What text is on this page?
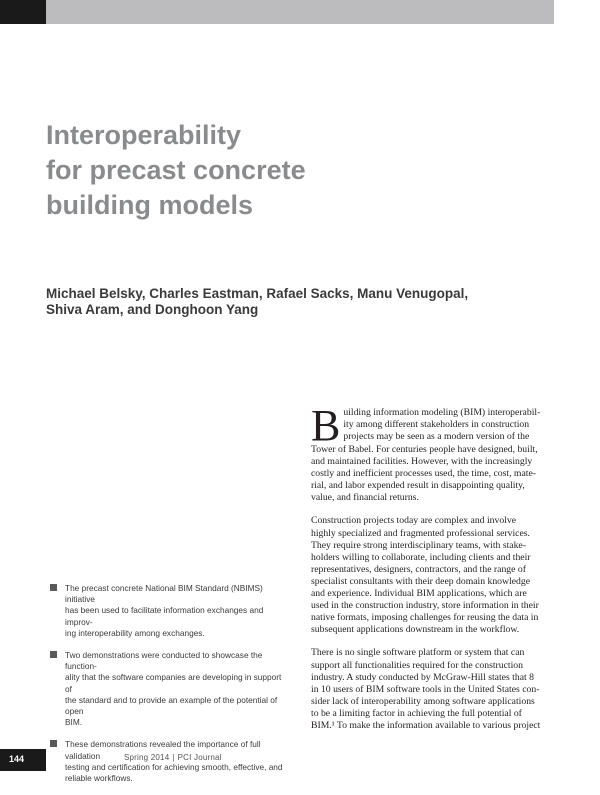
Interoperability
for precast concrete
building models
Michael Belsky, Charles Eastman, Rafael Sacks, Manu Venugopal,
Shiva Aram, and Donghoon Yang
The precast concrete National BIM Standard (NBIMS) initiative
has been used to facilitate information exchanges and improv-
ing interoperability among exchanges.
Two demonstrations were conducted to showcase the function-
ality that the software companies are developing in support of
the standard and to provide an example of the potential of open
BIM.
These demonstrations revealed the importance of full validation
testing and certification for achieving smooth, effective, and
reliable workflows.

B uilding information modeling (BIM) interoperabil-
ity among different stakeholders in construction
projects may be seen as a modern version of the
Tower of Babel. For centuries people have designed, built,
and maintained facilities. However, with the increasingly
costly and inefficient processes used, the time, cost, mate-
rial, and labor expended result in disappointing quality,
value, and financial returns.

Construction projects today are complex and involve
highly specialized and fragmented professional services.
They require strong interdisciplinary teams, with stake-
holders willing to collaborate, including clients and their
representatives, designers, contractors, and the range of
specialist consultants with their deep domain knowledge
and experience. Individual BIM applications, which are
used in the construction industry, store information in their
native formats, imposing challenges for reusing the data in
subsequent applications downstream in the workflow.

There is no single software platform or system that can
support all functionalities required for the construction
industry. A study conducted by McGraw-Hill states that 8
in 10 users of BIM software tools in the United States con-
sider lack of interoperability among software applications
to be a limiting factor in achieving the full potential of
BIM.¹ To make the information available to various project

144	Spring 2014 | PCI Journal
